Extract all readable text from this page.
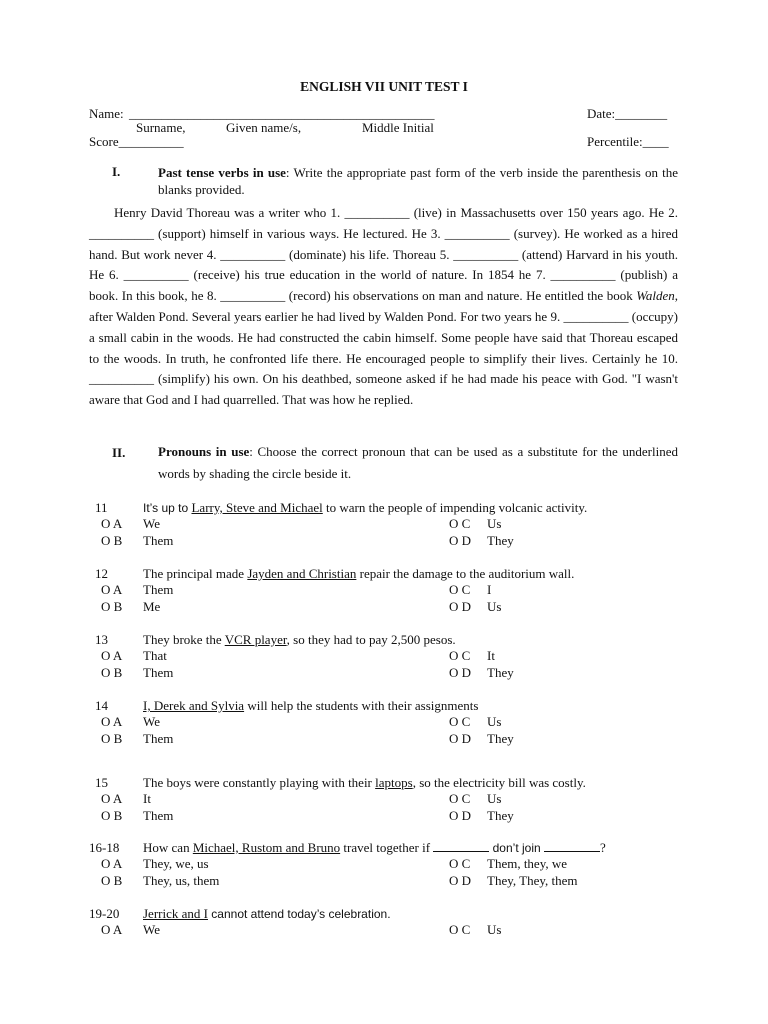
ENGLISH VII UNIT TEST I
Name: _______________________________________________	Date:________
Surname,	Given name/s,	Middle Initial
Score__________	Percentile:____
I.	Past tense verbs in use: Write the appropriate past form of the verb inside the parenthesis on the blanks provided.

Henry David Thoreau was a writer who 1. __________ (live) in Massachusetts over 150 years ago. He 2. __________ (support) himself in various ways. He lectured. He 3. __________ (survey). He worked as a hired hand. But work never 4. __________ (dominate) his life. Thoreau 5. __________ (attend) Harvard in his youth. He 6. __________ (receive) his true education in the world of nature. In 1854 he 7. __________ (publish) a book. In this book, he 8. __________ (record) his observations on man and nature. He entitled the book Walden, after Walden Pond. Several years earlier he had lived by Walden Pond. For two years he 9. __________ (occupy) a small cabin in the woods. He had constructed the cabin himself. Some people have said that Thoreau escaped to the woods. In truth, he confronted life there. He encouraged people to simplify their lives. Certainly he 10. __________ (simplify) his own. On his deathbed, someone asked if he had made his peace with God. "I wasn't aware that God and I had quarrelled. That was how he replied.

II.	Pronouns in use: Choose the correct pronoun that can be used as a substitute for the underlined words by shading the circle beside it.
11	It’s up to Larry, Steve and Michael to warn the people of impending volcanic activity.
O A We	O C Us
O B Them	O D They
12	The principal made Jayden and Christian repair the damage to the auditorium wall.
O A Them	O C I
O B Me	O D Us
13	They broke the VCR player, so they had to pay 2,500 pesos.
O A That	O C It
O B Them	O D They
14	I, Derek and Sylvia will help the students with their assignments
O A We	O C Us
O B Them	O D They
15	The boys were constantly playing with their laptops, so the electricity bill was costly.
O A It	O C Us
O B Them	O D They
16-18 How can Michael, Rustom and Bruno travel together if	don’t join	?
O A They, we, us	O C Them, they, we
O B They, us, them	O D They, They, them
19-20 Jerrick and I cannot attend today’s celebration.
O A We	O C Us
